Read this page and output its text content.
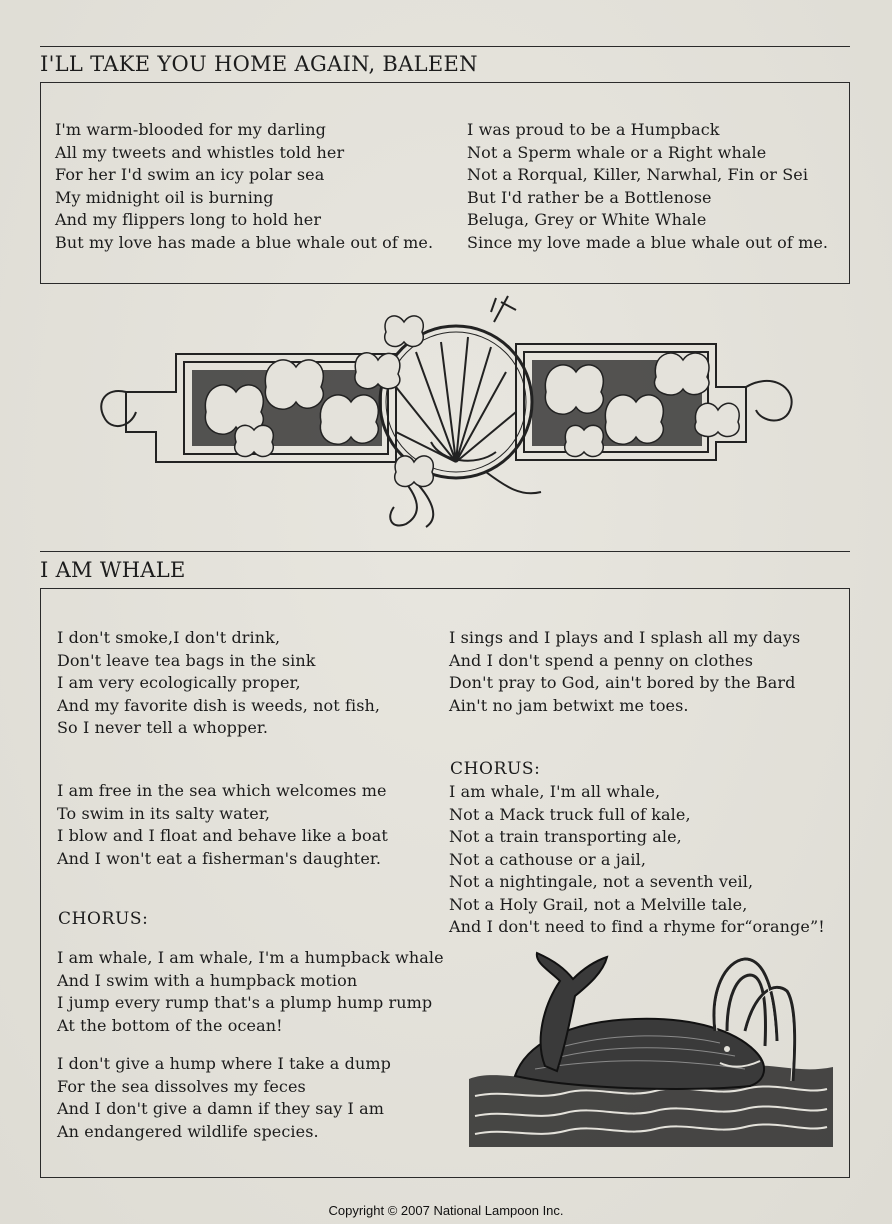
I'LL TAKE YOU HOME AGAIN, BALEEN
I'm warm-blooded for my darling
All my tweets and whistles told her
For her I'd swim an icy polar sea
My midnight oil is burning
And my flippers long to hold her
But my love has made a blue whale out of me.
I was proud to be a Humpback
Not a Sperm whale or a Right whale
Not a Rorqual, Killer, Narwhal, Fin or Sei
But I'd rather be a Bottlenose
Beluga, Grey or White Whale
Since my love made a blue whale out of me.
I AM WHALE
I don't smoke,I don't drink,
Don't leave tea bags in the sink
I am very ecologically proper,
And my favorite dish is weeds, not fish,
So I never tell a whopper.
I am free in the sea which welcomes me
To swim in its salty water,
I blow and I float and behave like a boat
And I won't eat a fisherman's daughter.
CHORUS:
I am whale, I am whale, I'm a humpback whale
And I swim with a humpback motion
I jump every rump that's a plump hump rump
At the bottom of the ocean!
I don't give a hump where I take a dump
For the sea dissolves my feces
And I don't give a damn if they say I am
An endangered wildlife species.
I sings and I plays and I splash all my days
And I don't spend a penny on clothes
Don't pray to God, ain't bored by the Bard
Ain't no jam betwixt me toes.
CHORUS:
I am whale, I'm all whale,
Not a Mack truck full of kale,
Not a train transporting ale,
Not a cathouse or a jail,
Not a nightingale, not a seventh veil,
Not a Holy Grail, not a Melville tale,
And I don't need to find a rhyme for“orange”!
Copyright © 2007 National Lampoon Inc.
